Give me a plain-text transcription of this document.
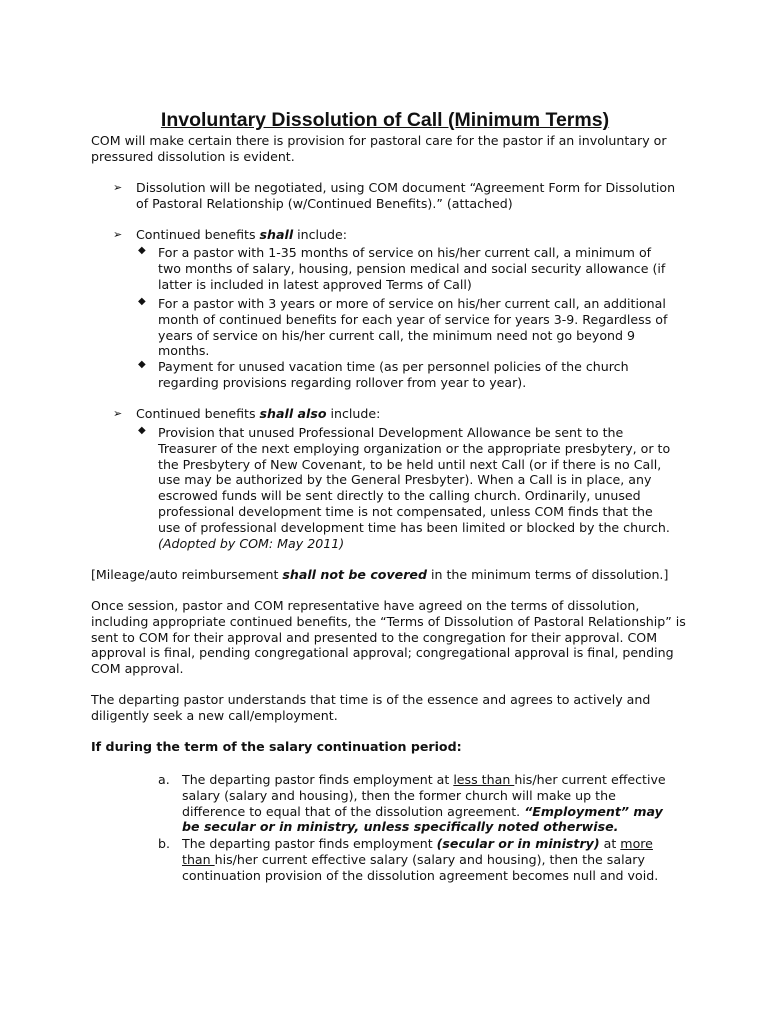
Involuntary Dissolution of Call (Minimum Terms)
COM will make certain there is provision for pastoral care for the pastor if an involuntary or pressured dissolution is evident.
➢ Dissolution will be negotiated, using COM document “Agreement Form for Dissolution of Pastoral Relationship (w/Continued Benefits).” (attached)
➢ Continued benefits shall include:
◆ For a pastor with 1-35 months of service on his/her current call, a minimum of two months of salary, housing, pension medical and social security allowance (if latter is included in latest approved Terms of Call)
◆ For a pastor with 3 years or more of service on his/her current call, an additional month of continued benefits for each year of service for years 3-9. Regardless of years of service on his/her current call, the minimum need not go beyond 9 months.
◆ Payment for unused vacation time (as per personnel policies of the church regarding provisions regarding rollover from year to year).
➢ Continued benefits shall also include:
◆ Provision that unused Professional Development Allowance be sent to the Treasurer of the next employing organization or the appropriate presbytery, or to the Presbytery of New Covenant, to be held until next Call (or if there is no Call, use may be authorized by the General Presbyter). When a Call is in place, any escrowed funds will be sent directly to the calling church. Ordinarily, unused professional development time is not compensated, unless COM finds that the use of professional development time has been limited or blocked by the church. (Adopted by COM: May 2011)
[Mileage/auto reimbursement shall not be covered in the minimum terms of dissolution.]
Once session, pastor and COM representative have agreed on the terms of dissolution, including appropriate continued benefits, the “Terms of Dissolution of Pastoral Relationship” is sent to COM for their approval and presented to the congregation for their approval. COM approval is final, pending congregational approval; congregational approval is final, pending COM approval.
The departing pastor understands that time is of the essence and agrees to actively and diligently seek a new call/employment.
If during the term of the salary continuation period:
a. The departing pastor finds employment at less than his/her current effective salary (salary and housing), then the former church will make up the difference to equal that of the dissolution agreement. “Employment” may be secular or in ministry, unless specifically noted otherwise.
b. The departing pastor finds employment (secular or in ministry) at more than his/her current effective salary (salary and housing), then the salary continuation provision of the dissolution agreement becomes null and void.
